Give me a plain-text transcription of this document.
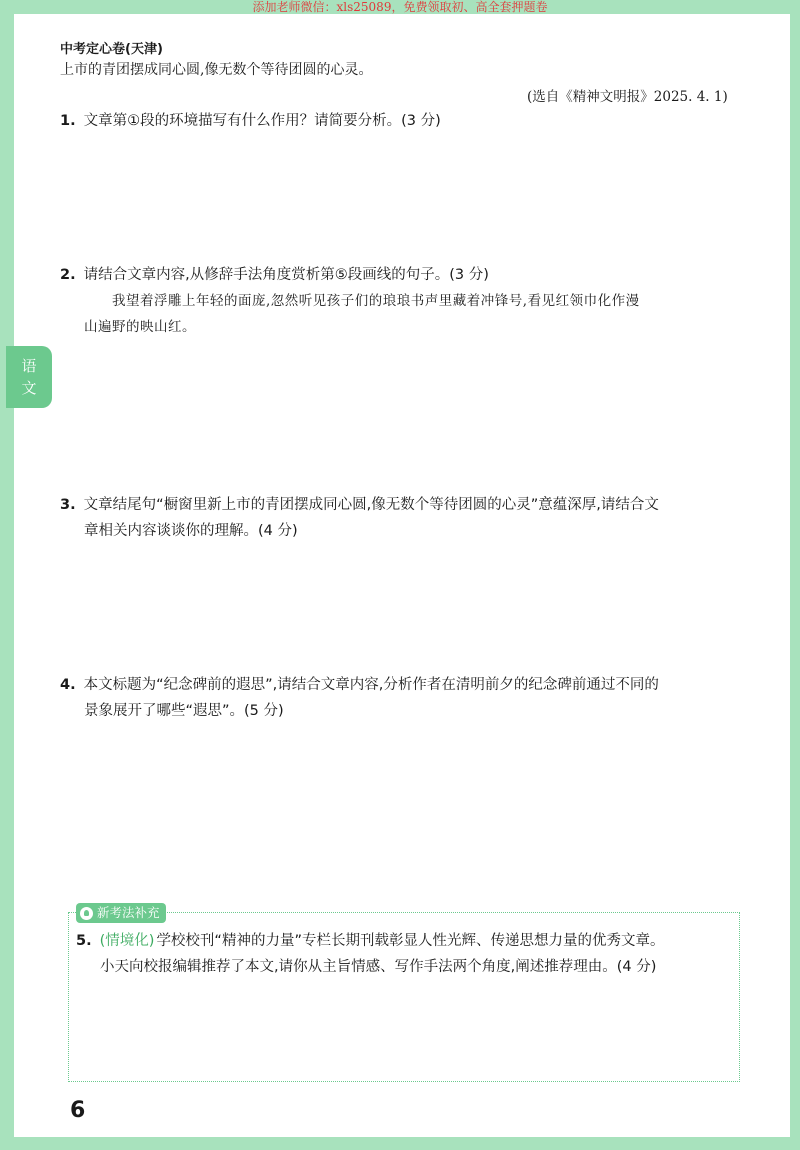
添加老师微信：xls25089，免费领取初、高全套押题卷
语
文
中考定心卷(天津)
上市的青团摆成同心圆,像无数个等待团圆的心灵。
(选自《精神文明报》2025. 4. 1)
1. 文章第①段的环境描写有什么作用？请简要分析。(3 分)
2. 请结合文章内容,从修辞手法角度赏析第⑤段画线的句子。(3 分)
我望着浮雕上年轻的面庞,忽然听见孩子们的琅琅书声里藏着冲锋号,看见红领巾化作漫
山遍野的映山红。
3. 文章结尾句“橱窗里新上市的青团摆成同心圆,像无数个等待团圆的心灵”意蕴深厚,请结合文
章相关内容谈谈你的理解。(4 分)
4. 本文标题为“纪念碑前的遐思”,请结合文章内容,分析作者在清明前夕的纪念碑前通过不同的
景象展开了哪些“遐思”。(5 分)
新考法补充
5. (情境化) 学校校刊“精神的力量”专栏长期刊载彰显人性光辉、传递思想力量的优秀文章。
小天向校报编辑推荐了本文,请你从主旨情感、写作手法两个角度,阐述推荐理由。(4 分)
6
